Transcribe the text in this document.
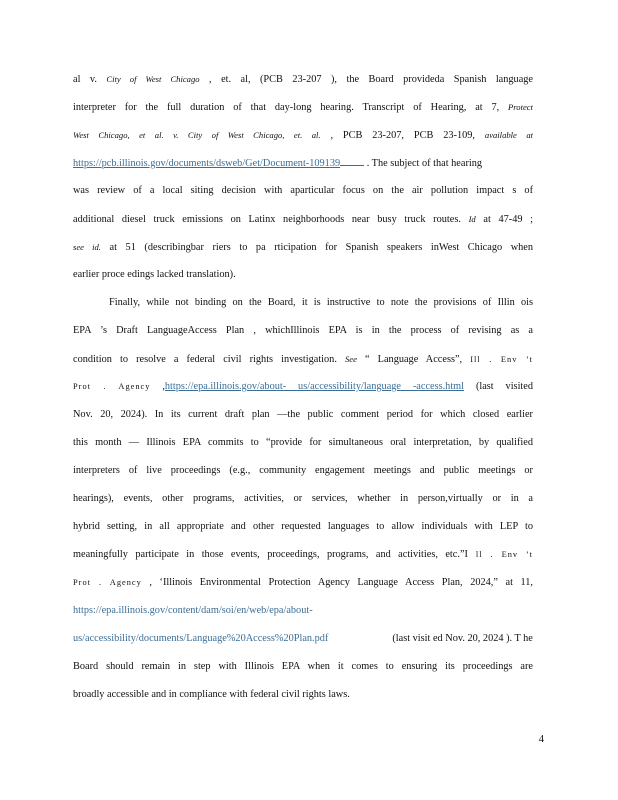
al v. City of West Chicago , et. al, (PCB 23-207 ), the Board provideda Spanish language
interpreter for the full duration of that day-long hearing. Transcript of Hearing, at 7, Protect
West Chicago, et al. v. City of West Chicago, et. al. , PCB 23-207, PCB 23-109, available at
https://pcb.illinois.gov/documents/dsweb/Get/Document-109139	. The subject of that hearing
was review of a local siting decision with aparticular focus on the air pollution impact s of
additional diesel truck emissions on Latinx neighborhoods near busy truck routes. Id at 47-49 ;
see id. at 51 (describingbar riers to pa rticipation for Spanish speakers inWest Chicago when
earlier proce edings lacked translation).
Finally, while not binding on the Board, it is instructive to note the provisions of Illin ois
EPA ’s Draft LanguageAccess Plan , whichIllinois EPA is in the process of revising as a
condition to resolve a federal civil rights investigation. See “ Language Access”, Ill . Env ’t
Prot . Agency ,https://epa.illinois.gov/about- us/accessibility/language -access.html (last visited
Nov. 20, 2024). In its current draft plan —the public comment period for which closed earlier
this month — Illinois EPA commits to “provide for simultaneous oral interpretation, by qualified
interpreters of live proceedings (e.g., community engagement meetings and public meetings or
hearings), events, other programs, activities, or services, whether in person,virtually or in a
hybrid setting, in all appropriate and other requested languages to allow individuals with LEP to
meaningfully participate in those events, proceedings, programs, and activities, etc.”I ll . Env ’t
Prot . Agency , ‘Illinois Environmental Protection Agency Language Access Plan, 2024,” at 11,
https://epa.illinois.gov/content/dam/soi/en/web/epa/about-
us/accessibility/documents/Language%20Access%20Plan.pdf	(last visit ed Nov. 20, 2024 ). T he
Board should remain in step with Illinois EPA when it comes to ensuring its proceedings are
broadly accessible and in compliance with federal civil rights laws.
4
